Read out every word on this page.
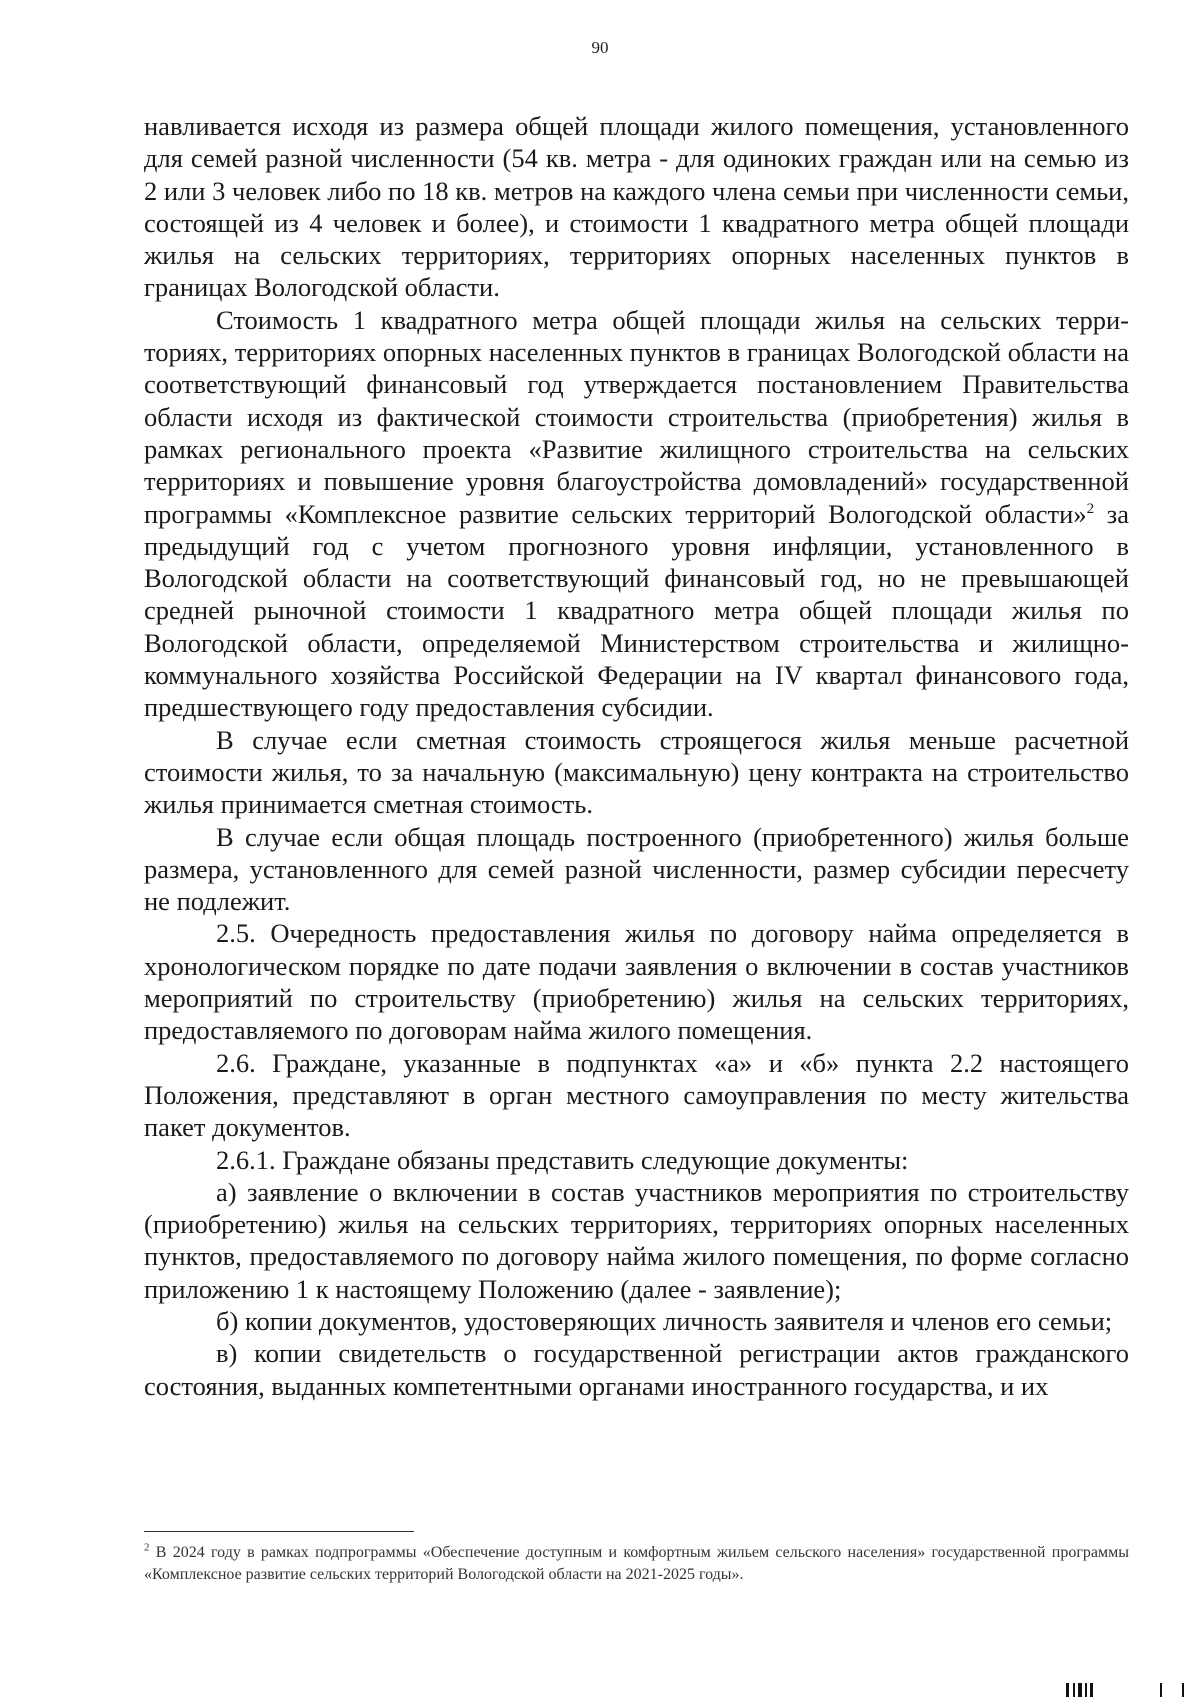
90

навливается исходя из размера общей площади жилого помещения, установленного для семей разной численности (54 кв. метра - для одиноких граждан или на семью из 2 или 3 человек либо по 18 кв. метров на каждого члена семьи при численности семьи, состоящей из 4 человек и более), и стоимости 1 квадратного метра общей площади жилья на сельских территориях, территориях опорных населенных пунктов в границах Вологодской области.

Стоимость 1 квадратного метра общей площади жилья на сельских территориях, территориях опорных населенных пунктов в границах Вологодской области на соответствующий финансовый год утверждается постановлением Правительства области исходя из фактической стоимости строительства (приобретения) жилья в рамках регионального проекта «Развитие жилищного строительства на сельских территориях и повышение уровня благоустройства домовладений» государственной программы «Комплексное развитие сельских территорий Вологодской области»$^2$ за предыдущий год с учетом прогнозного уровня инфляции, установленного в Вологодской области на соответствующий финансовый год, но не превышающей средней рыночной стоимости 1 квадратного метра общей площади жилья по Вологодской области, определяемой Министерством строительства и жилищно-коммунального хозяйства Российской Федерации на IV квартал финансового года, предшествующего году предоставления субсидии.

В случае если сметная стоимость строящегося жилья меньше расчетной стоимости жилья, то за начальную (максимальную) цену контракта на строительство жилья принимается сметная стоимость.

В случае если общая площадь построенного (приобретенного) жилья больше размера, установленного для семей разной численности, размер субсидии пересчету не подлежит.

2.5. Очередность предоставления жилья по договору найма определяется в хронологическом порядке по дате подачи заявления о включении в состав участников мероприятий по строительству (приобретению) жилья на сельских территориях, предоставляемого по договорам найма жилого помещения.

2.6. Граждане, указанные в подпунктах «а» и «б» пункта 2.2 настоящего Положения, представляют в орган местного самоуправления по месту жительства пакет документов.

2.6.1. Граждане обязаны представить следующие документы:

а) заявление о включении в состав участников мероприятия по строительству (приобретению) жилья на сельских территориях, территориях опорных населенных пунктов, предоставляемого по договору найма жилого помещения, по форме согласно приложению 1 к настоящему Положению (далее - заявление);

б) копии документов, удостоверяющих личность заявителя и членов его семьи;

в) копии свидетельств о государственной регистрации актов гражданского состояния, выданных компетентными органами иностранного государства, и их

$^2$ В 2024 году в рамках подпрограммы «Обеспечение доступным и комфортным жильем сельского населения» государственной программы «Комплексное развитие сельских территорий Вологодской области на 2021-2025 годы».
